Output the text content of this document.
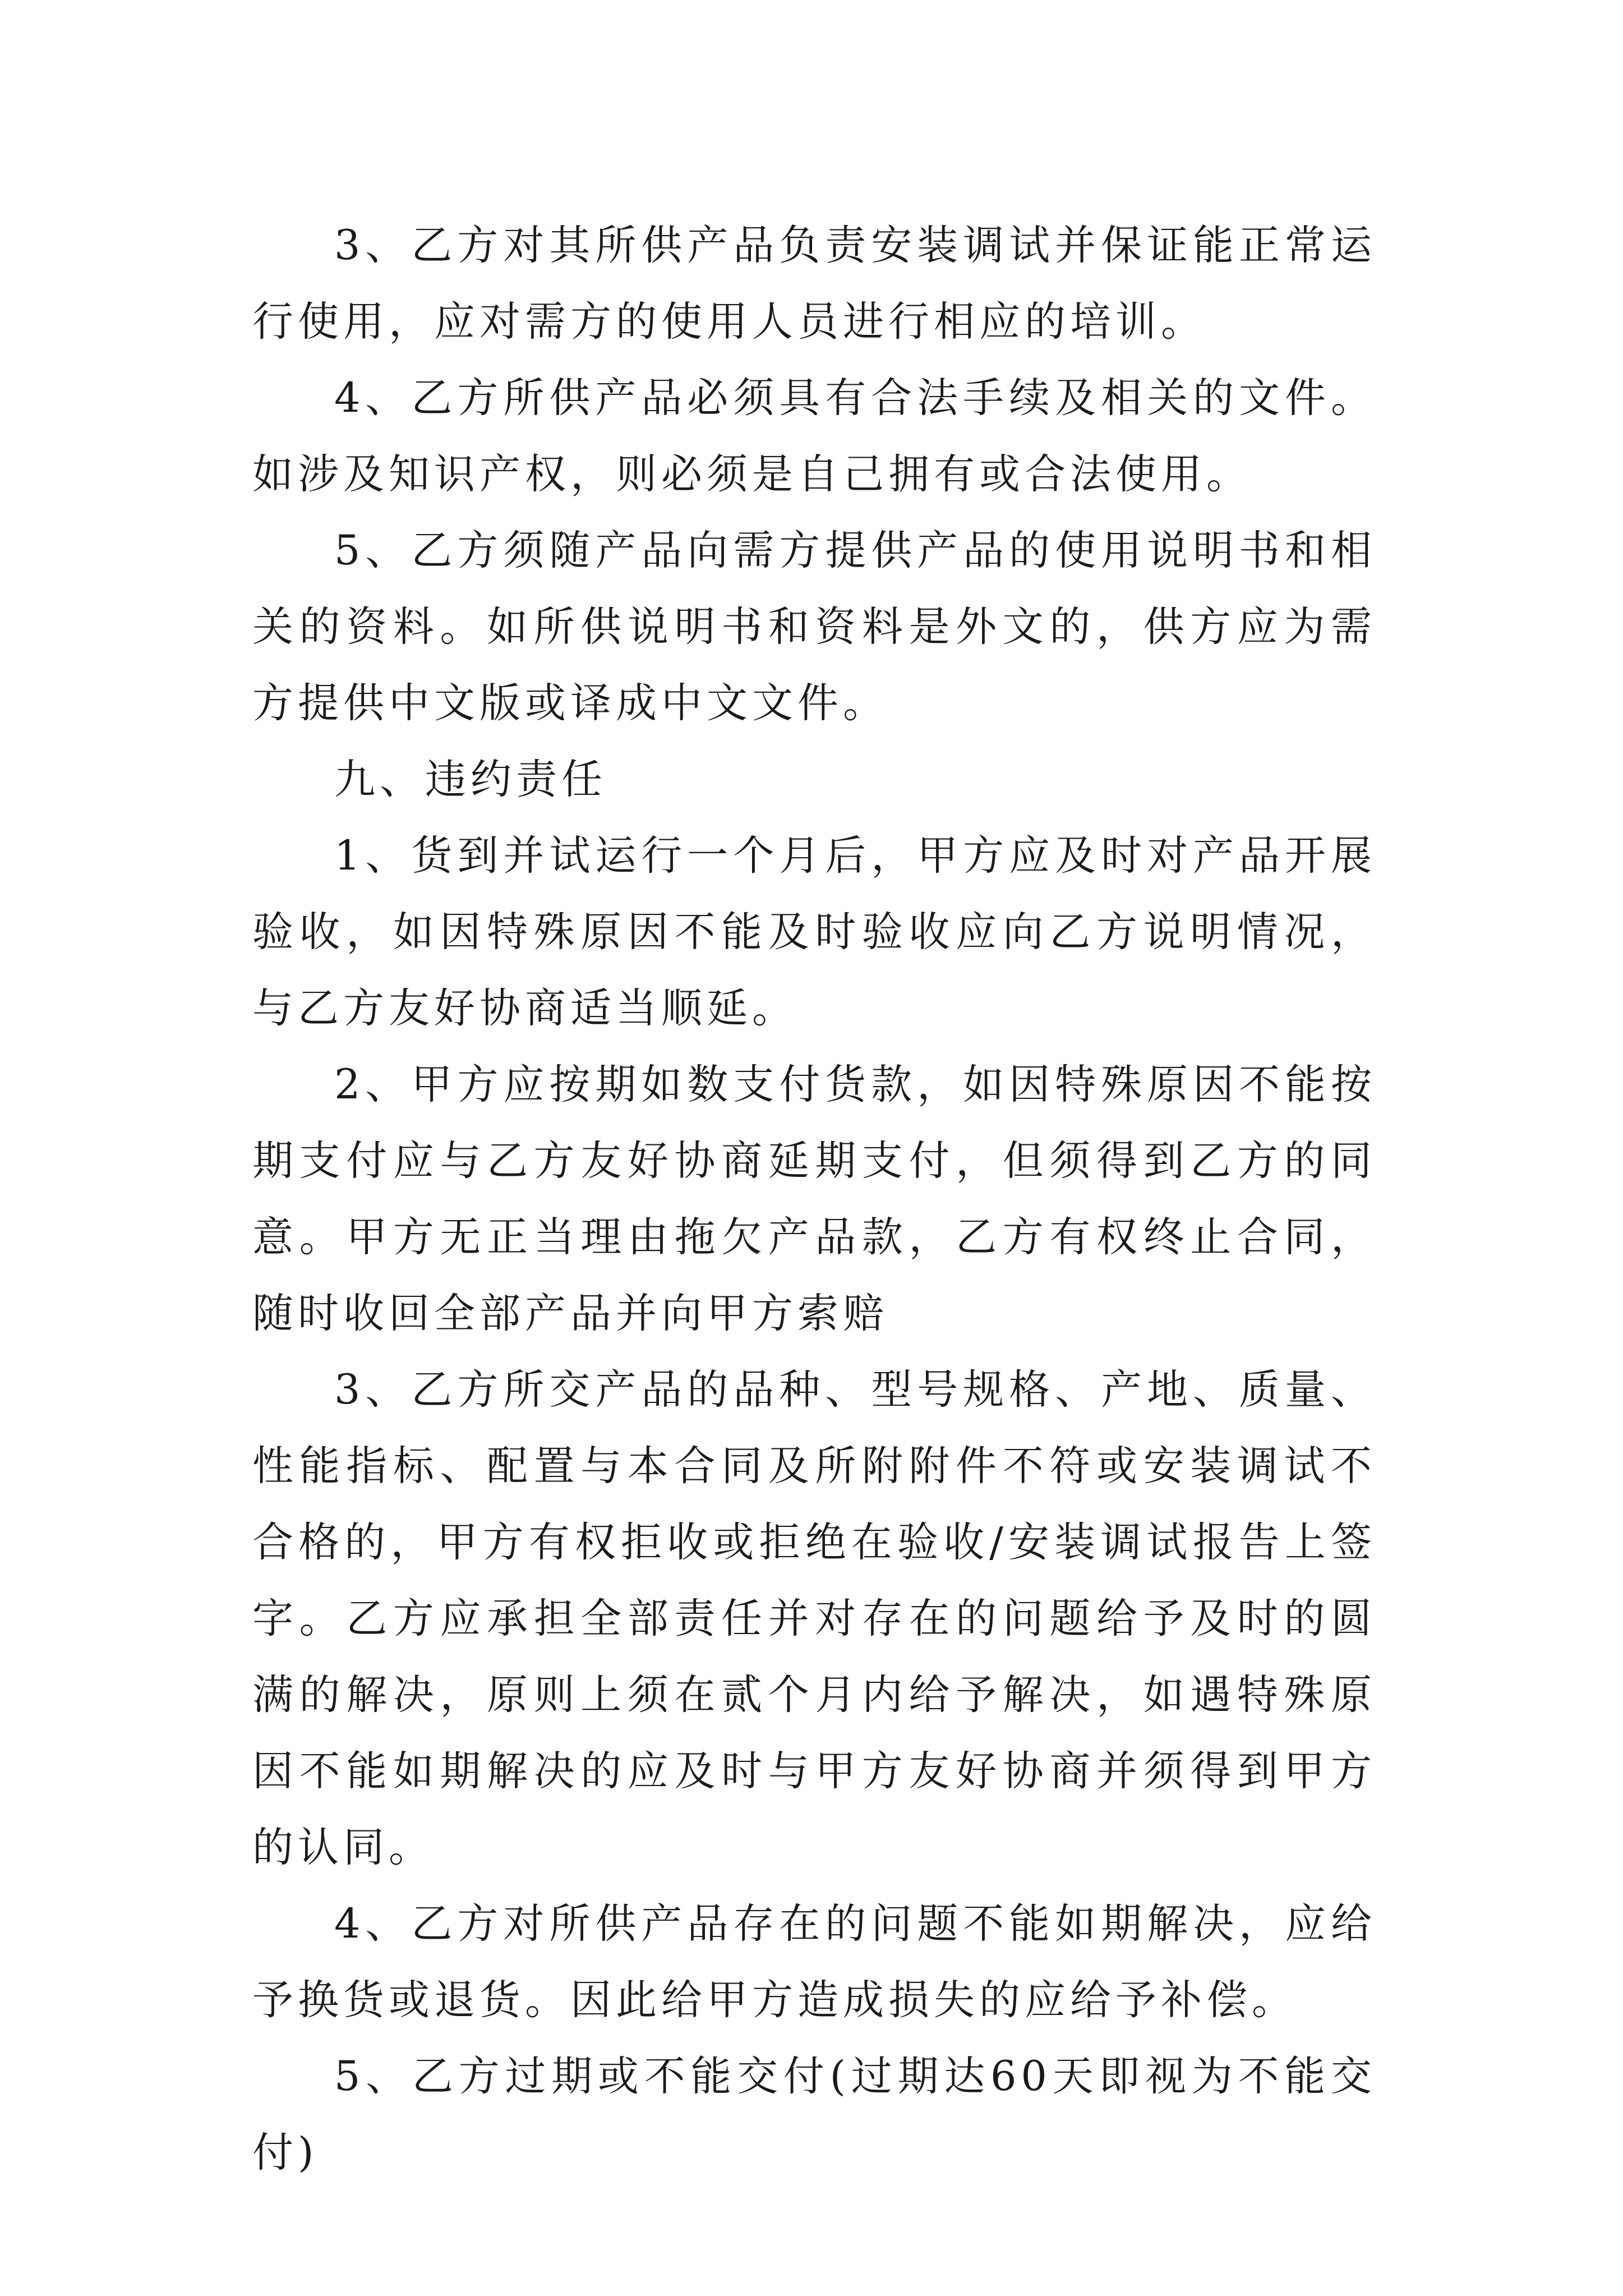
3、乙方对其所供产品负责安装调试并保证能正常运行使用，应对需方的使用人员进行相应的培训。

4、乙方所供产品必须具有合法手续及相关的文件。如涉及知识产权，则必须是自己拥有或合法使用。

5、乙方须随产品向需方提供产品的使用说明书和相关的资料。如所供说明书和资料是外文的，供方应为需方提供中文版或译成中文文件。

九、违约责任

1、货到并试运行一个月后，甲方应及时对产品开展验收，如因特殊原因不能及时验收应向乙方说明情况，与乙方友好协商适当顺延。

2、甲方应按期如数支付货款，如因特殊原因不能按期支付应与乙方友好协商延期支付，但须得到乙方的同意。甲方无正当理由拖欠产品款，乙方有权终止合同，随时收回全部产品并向甲方索赔

3、乙方所交产品的品种、型号规格、产地、质量、性能指标、配置与本合同及所附附件不符或安装调试不合格的，甲方有权拒收或拒绝在验收/安装调试报告上签字。乙方应承担全部责任并对存在的问题给予及时的圆满的解决，原则上须在贰个月内给予解决，如遇特殊原因不能如期解决的应及时与甲方友好协商并须得到甲方的认同。

4、乙方对所供产品存在的问题不能如期解决，应给予换货或退货。因此给甲方造成损失的应给予补偿。

5、乙方过期或不能交付(过期达60天即视为不能交付)
